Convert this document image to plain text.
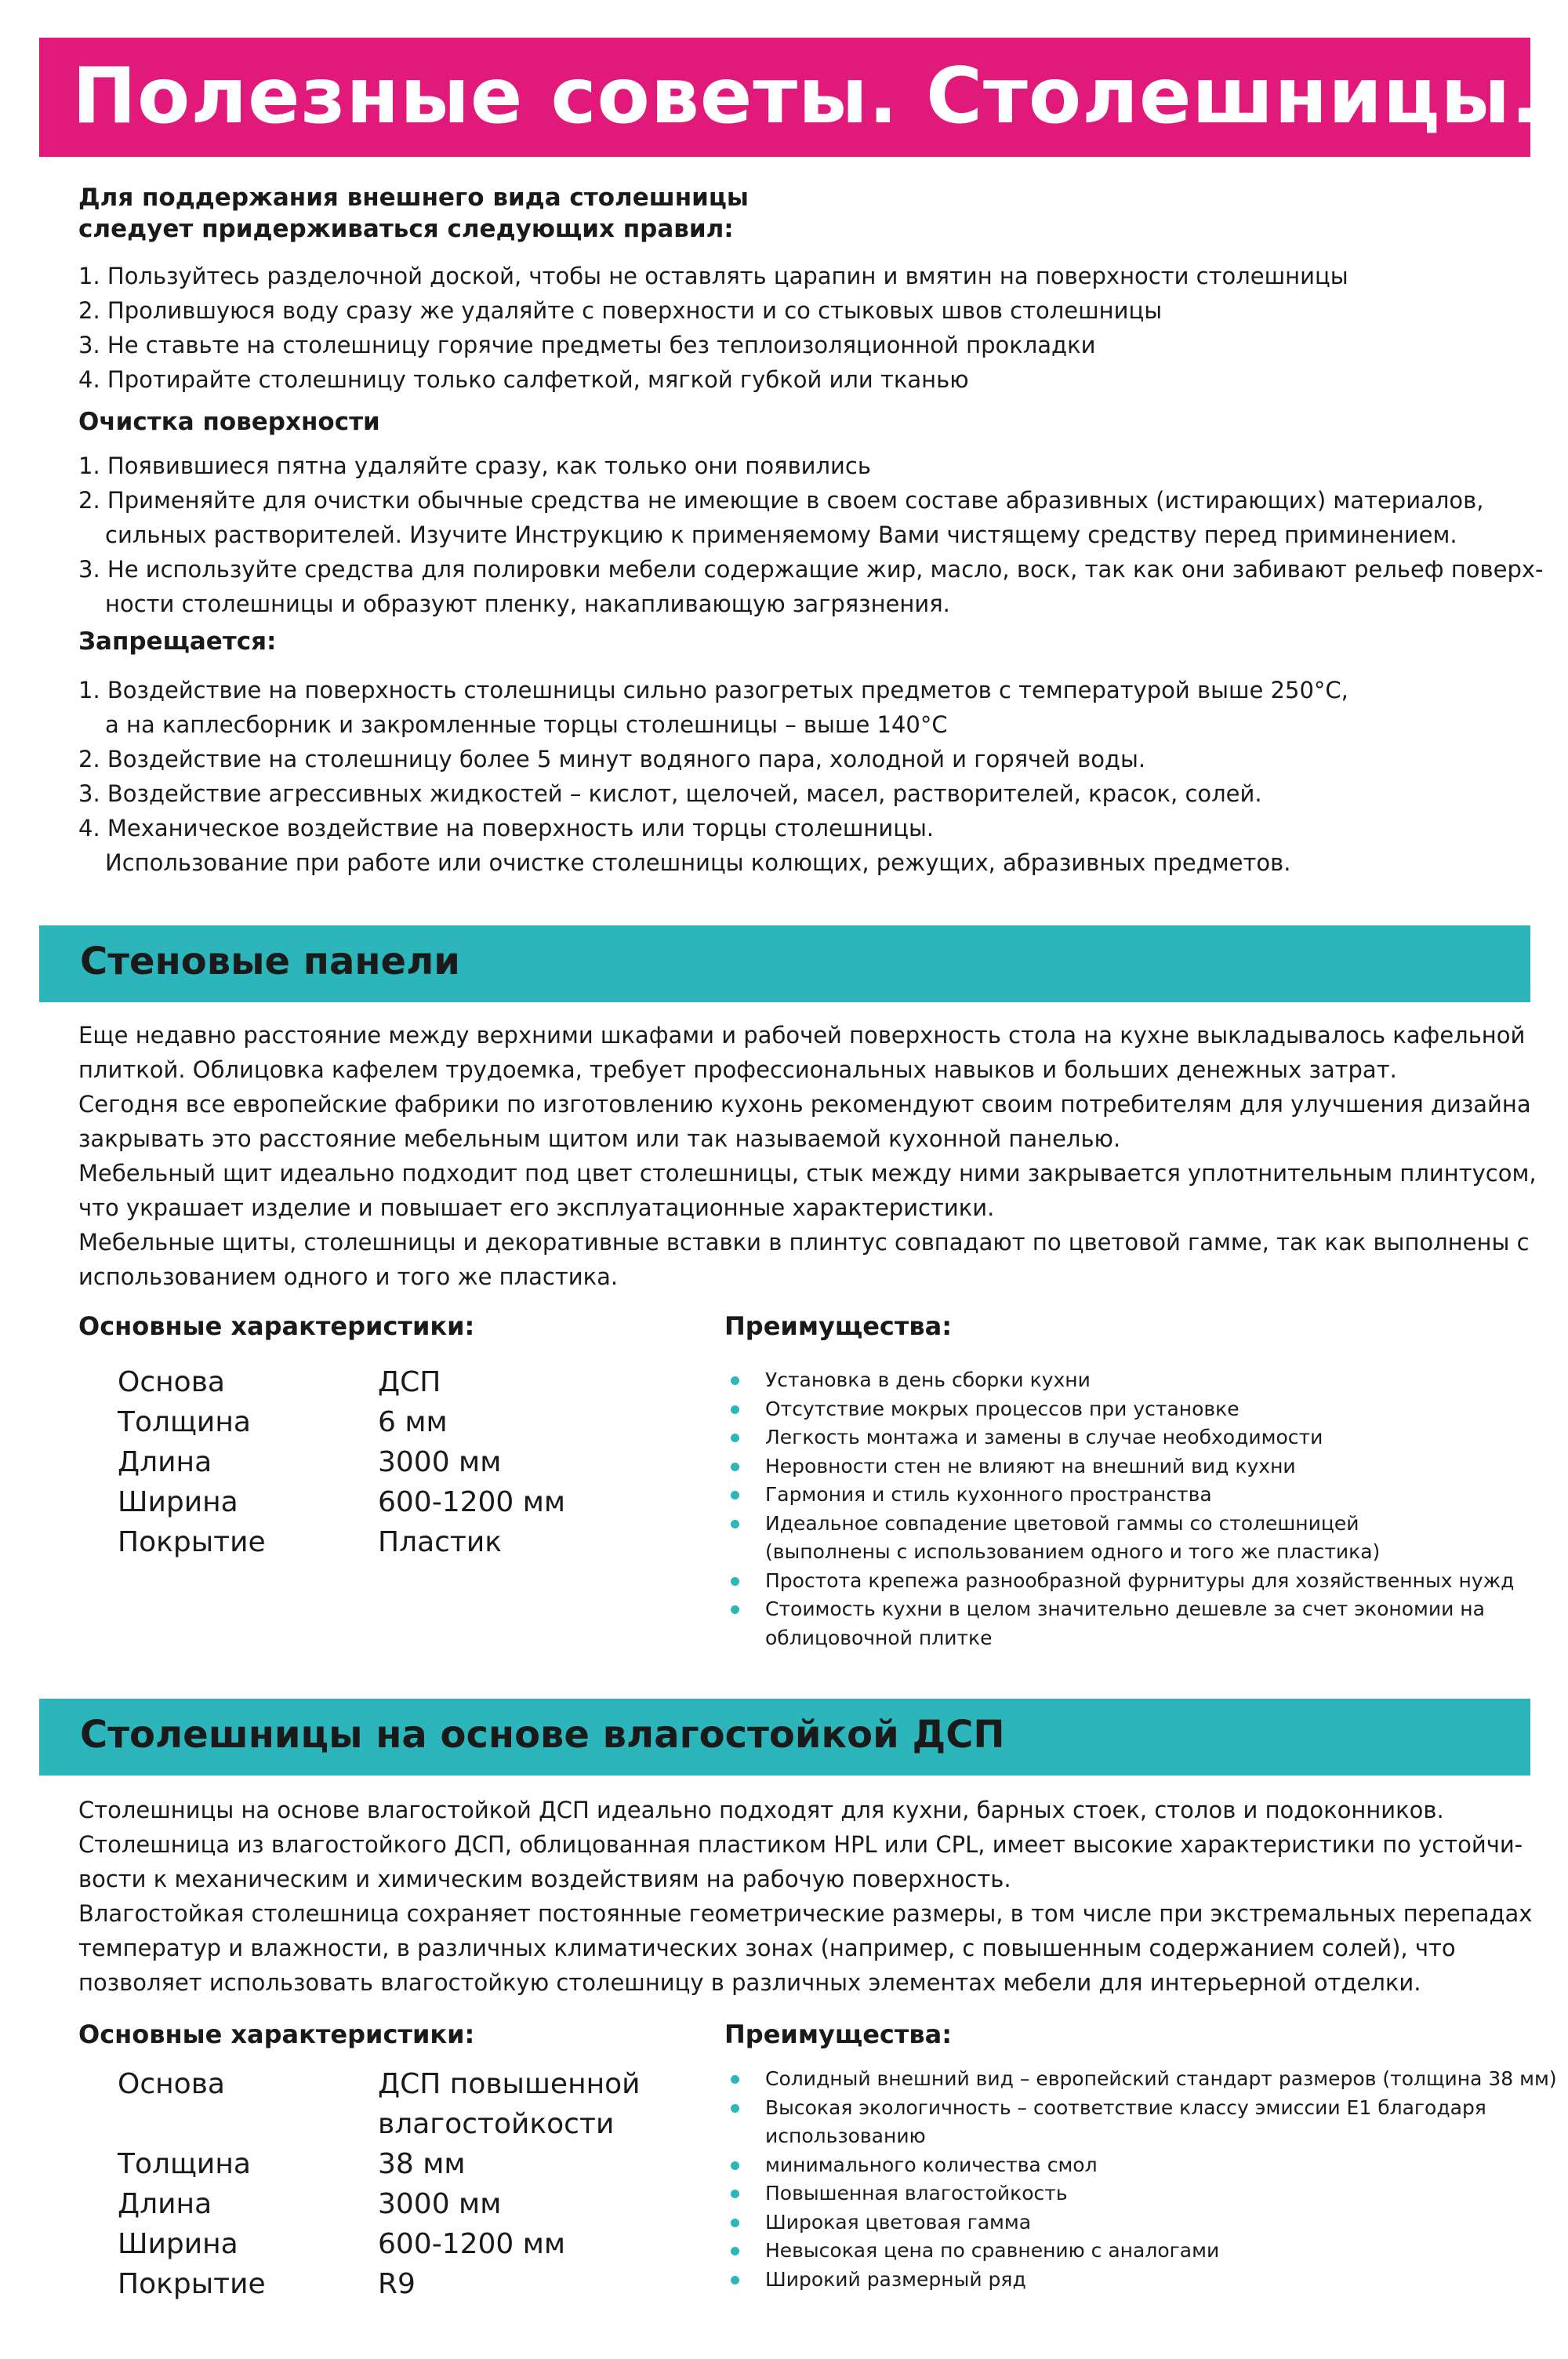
Полезные советы. Столешницы.

Для поддержания внешнего вида столешницы

следует придерживаться следующих правил:

1. Пользуйтесь разделочной доской, чтобы не оставлять царапин и вмятин на поверхности столешницы
2. Пролившуюся воду сразу же удаляйте с поверхности и со стыковых швов столешницы
3. Не ставьте на столешницу горячие предметы без теплоизоляционной прокладки
4. Протирайте столешницу только салфеткой, мягкой губкой или тканью

Очистка поверхности

1. Появившиеся пятна удаляйте сразу, как только они появились
2. Применяйте для очистки обычные средства не имеющие в своем составе абразивных (истирающих) материалов,
сильных растворителей. Изучите Инструкцию к применяемому Вами чистящему средству перед приминением.
3. Не используйте средства для полировки мебели содержащие жир, масло, воск, так как они забивают рельеф поверх-
ности столешницы и образуют пленку, накапливающую загрязнения.

Запрещается:

1. Воздействие на поверхность столешницы сильно разогретых предметов с температурой выше 250°С,
а на каплесборник и закромленные торцы столешницы – выше 140°С
2. Воздействие на столешницу более 5 минут водяного пара, холодной и горячей воды.
3. Воздействие агрессивных жидкостей – кислот, щелочей, масел, растворителей, красок, солей.
4. Механическое воздействие на поверхность или торцы столешницы.
Использование при работе или очистке столешницы колющих, режущих, абразивных предметов.
Стеновые панели
Еще недавно расстояние между верхними шкафами и рабочей поверхность стола на кухне выкладывалось кафельной
плиткой. Облицовка кафелем трудоемка, требует профессиональных навыков и больших денежных затрат.
Сегодня все европейские фабрики по изготовлению кухонь рекомендуют своим потребителям для улучшения дизайна
закрывать это расстояние мебельным щитом или так называемой кухонной панелью.
Мебельный щит идеально подходит под цвет столешницы, стык между ними закрывается уплотнительным плинтусом,
что украшает изделие и повышает его эксплуатационные характеристики.
Мебельные щиты, столешницы и декоративные вставки в плинтус совпадают по цветовой гамме, так как выполнены с
использованием одного и того же пластика.

Основные характеристики:

Основа	ДСП
Толщина	6 мм
Длина	3000 мм
Ширина	600-1200 мм
Покрытие	Пластик

Преимущества:

Установка в день сборки кухни
Отсутствие мокрых процессов при установке
Легкость монтажа и замены в случае необходимости
Неровности стен не влияют на внешний вид кухни
Гармония и стиль кухонного пространства
Идеальное совпадение цветовой гаммы со столешницей
(выполнены с использованием одного и того же пластика)
Простота крепежа разнообразной фурнитуры для хозяйственных нужд
Стоимость кухни в целом значительно дешевле за счет экономии на
облицовочной плитке
Столешницы на основе влагостойкой ДСП
Столешницы на основе влагостойкой ДСП идеально подходят для кухни, барных стоек, столов и подоконников.
Столешница из влагостойкого ДСП, облицованная пластиком HPL или CPL, имеет высокие характеристики по устойчи-
вости к механическим и химическим воздействиям на рабочую поверхность.
Влагостойкая столешница сохраняет постоянные геометрические размеры, в том числе при экстремальных перепадах
температур и влажности, в различных климатических зонах (например, с повышенным содержанием солей), что
позволяет использовать влагостойкую столешницу в различных элементах мебели для интерьерной отделки.

Основные характеристики:

Основа	ДСП повышенной
влагостойкости
Толщина	38 мм
Длина	3000 мм
Ширина	600-1200 мм
Покрытие	R9

Преимущества:

Солидный внешний вид – европейский стандарт размеров (толщина 38 мм)
Высокая экологичность – соответствие классу эмиссии Е1 благодаря
использованию
минимального количества смол
Повышенная влагостойкость
Широкая цветовая гамма
Невысокая цена по сравнению с аналогами
Широкий размерный ряд
